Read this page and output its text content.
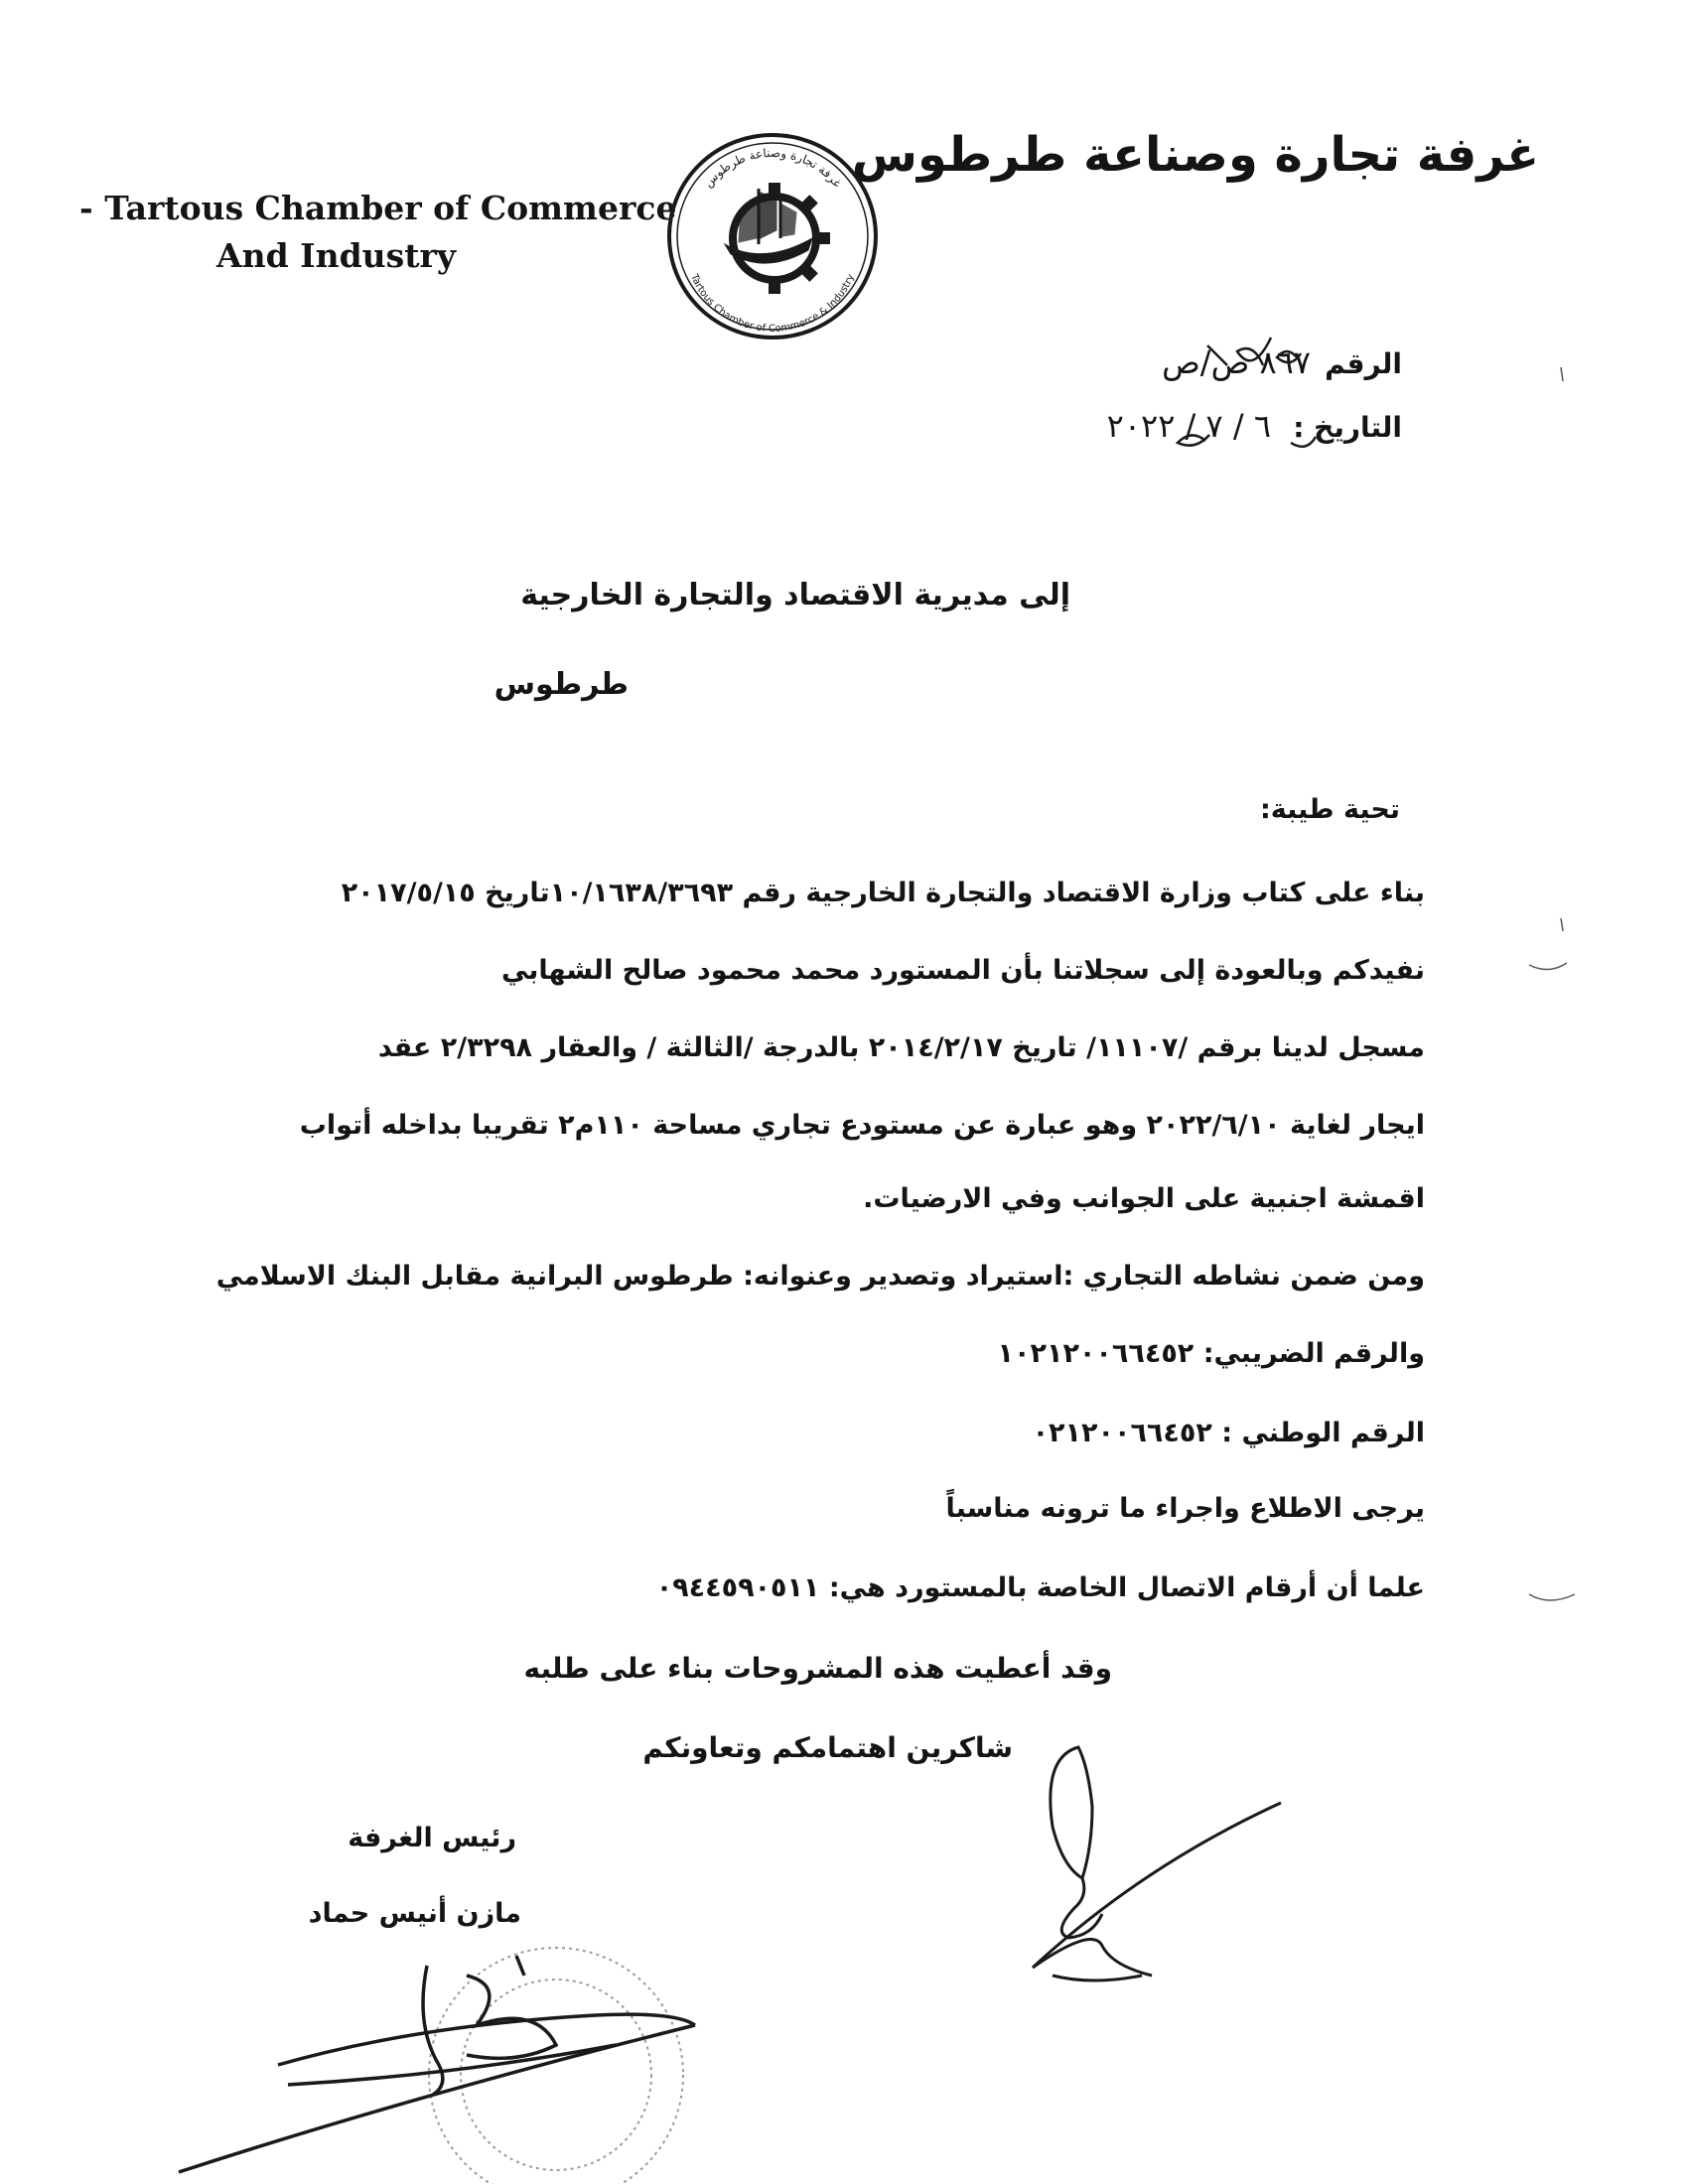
غرفة تجارة وصناعة طرطوس
- Tartous Chamber of Commerce
And Industry
غرفة تجارة وصناعة طرطوس
Tartous Chamber of Commerce & Industry
الرقم
٨٦٧ ص/ص
التاريخ :
٦ / ٧ / ٢٠٢٢
إلى مديرية الاقتصاد والتجارة الخارجية
طرطوس
تحية طيبة:
بناء على كتاب وزارة الاقتصاد والتجارة الخارجية رقم ١٠/١٦٣٨/٣٦٩٣تاريخ ٢٠١٧/٥/١٥
نفيدكم وبالعودة إلى سجلاتنا بأن المستورد محمد محمود صالح الشهابي
مسجل لدينا برقم /١١١٠٧/ تاريخ ٢٠١٤/٢/١٧ بالدرجة /الثالثة / والعقار ٢/٣٢٩٨ عقد
ايجار لغاية ٢٠٢٢/٦/١٠ وهو عبارة عن مستودع تجاري مساحة ١١٠م٢ تقريبا بداخله أتواب
اقمشة اجنبية على الجوانب وفي الارضيات.
ومن ضمن نشاطه التجاري :استيراد وتصدير وعنوانه: طرطوس البرانية مقابل البنك الاسلامي
والرقم الضريبي: ١٠٢١٢٠٠٦٦٤٥٢
الرقم الوطني : ٠٢١٢٠٠٦٦٤٥٢
يرجى الاطلاع واجراء ما ترونه مناسباً
علما أن أرقام الاتصال الخاصة بالمستورد هي: ٠٩٤٤٥٩٠٥١١
وقد أعطيت هذه المشروحات بناء على طلبه
شاكرين اهتمامكم وتعاونكم
رئيس الغرفة
مازن أنيس حماد
